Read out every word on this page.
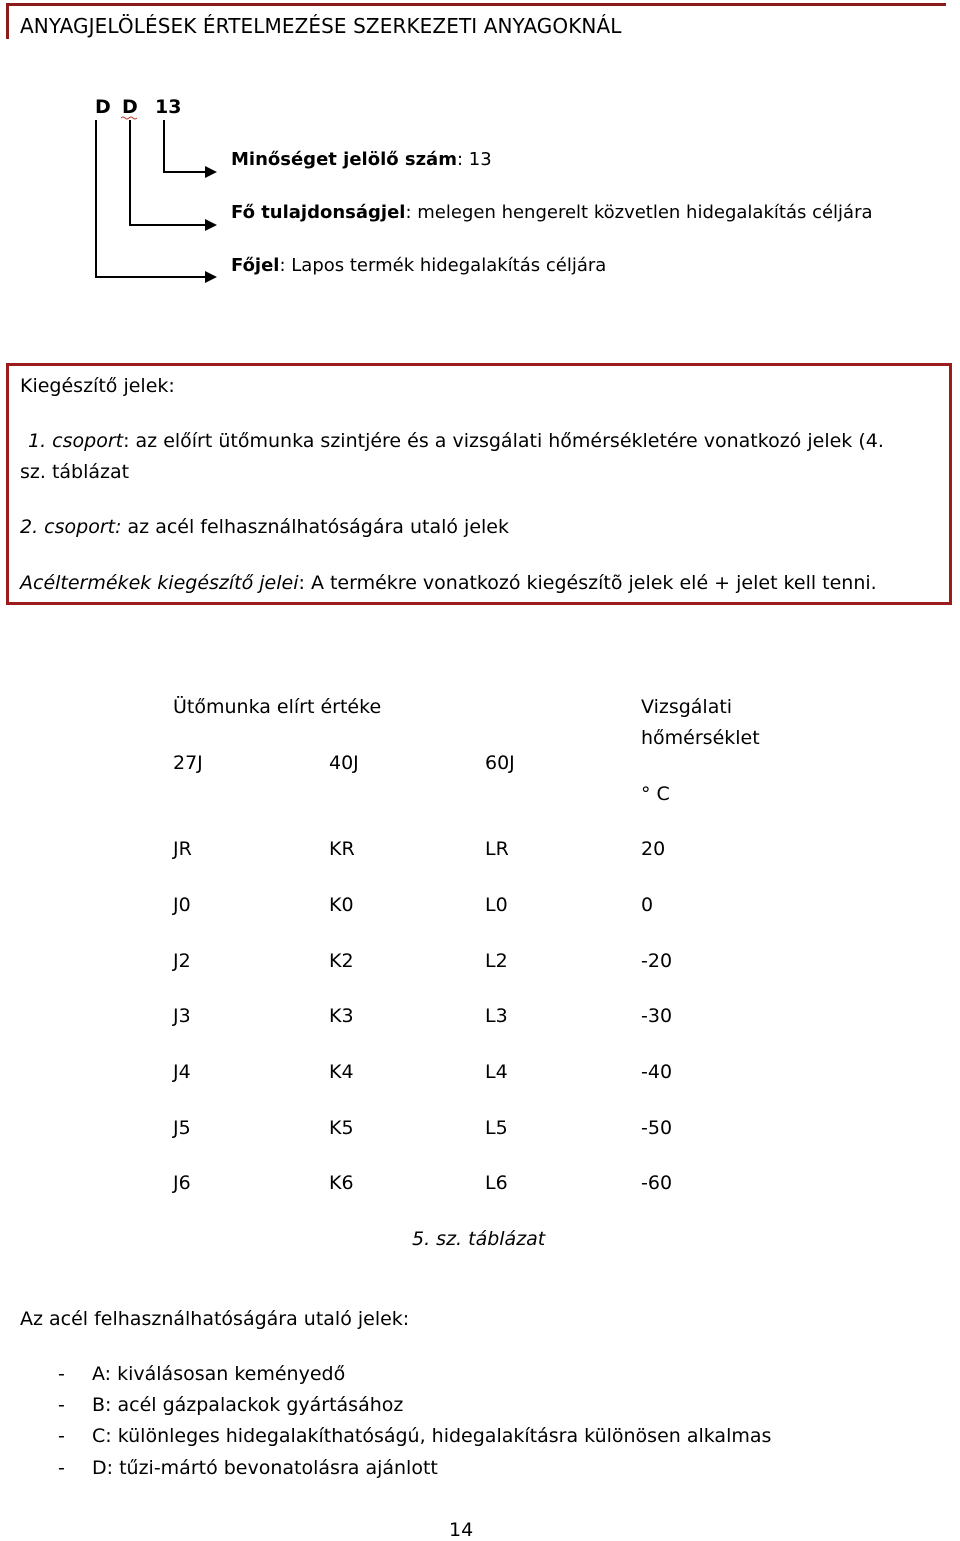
ANYAGJELÖLÉSEK ÉRTELMEZÉSE SZERKEZETI ANYAGOKNÁL
D D 13
Minőséget jelölő szám: 13
Fő tulajdonságjel: melegen hengerelt közvetlen hidegalakítás céljára
Főjel: Lapos termék hidegalakítás céljára
Kiegészítő jelek:
1. csoport: az előírt ütőmunka szintjére és a vizsgálati hőmérsékletére vonatkozó jelek (4.
sz. táblázat
2. csoport: az acél felhasználhatóságára utaló jelek
Acéltermékek kiegészítő jelei: A termékre vonatkozó kiegészítõ jelek elé + jelet kell tenni.
Ütőmunka elírt értéke	Vizsgálati
hőmérséklet
° C
27J	40J	60J
JR	KR	LR	20
J0	K0	L0	0
J2	K2	L2	-20
J3	K3	L3	-30
J4	K4	L4	-40
J5	K5	L5	-50
J6	K6	L6	-60
5. sz. táblázat
Az acél felhasználhatóságára utaló jelek:
- A: kiválásosan keményedő
- B: acél gázpalackok gyártásához
- C: különleges hidegalakíthatóságú, hidegalakításra különösen alkalmas
- D: tűzi-mártó bevonatolásra ajánlott
14
